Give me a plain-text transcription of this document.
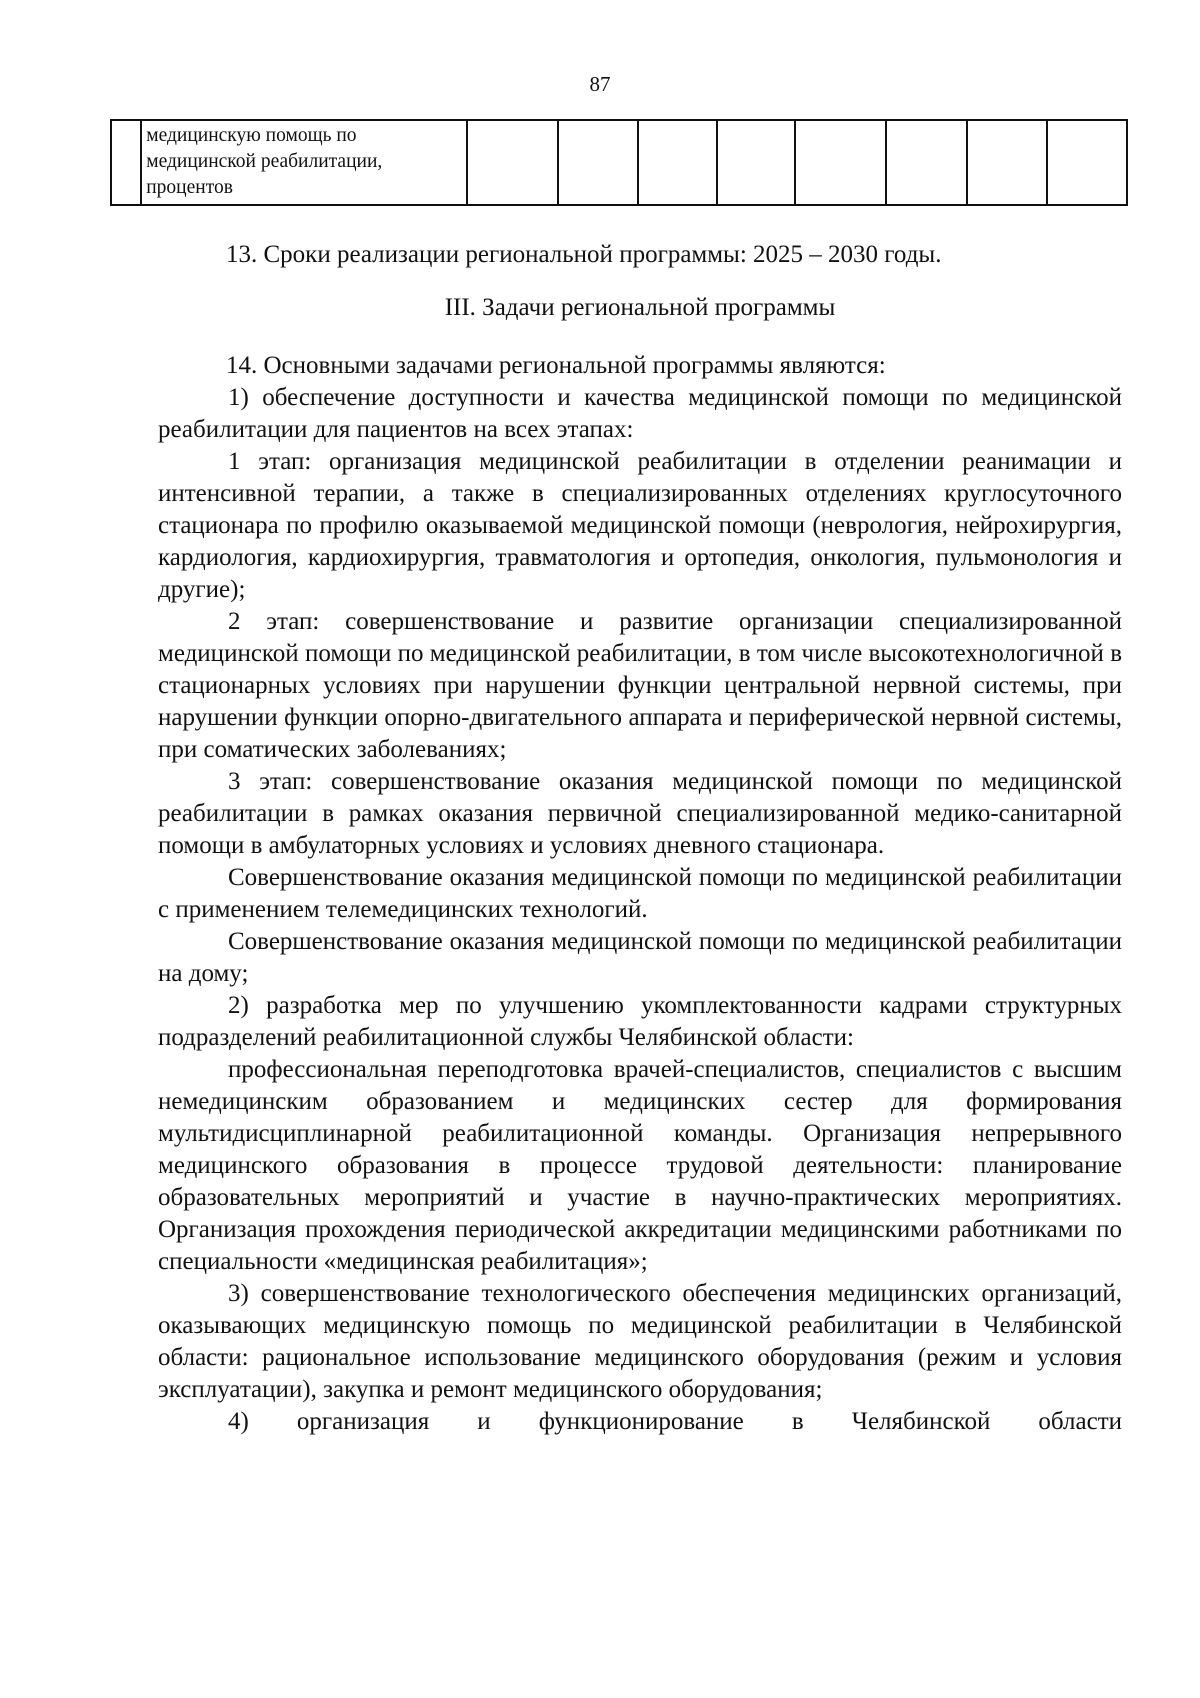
87

медицинскую помощь по
медицинской реабилитации,
процентов

13. Сроки реализации региональной программы: 2025 – 2030 годы.

III. Задачи региональной программы

14. Основными задачами региональной программы являются:

1) обеспечение доступности и качества медицинской помощи по медицинской реабилитации для пациентов на всех этапах:

1 этап: организация медицинской реабилитации в отделении реанимации и интенсивной терапии, а также в специализированных отделениях круглосуточного стационара по профилю оказываемой медицинской помощи (неврология, нейрохирургия, кардиология, кардиохирургия, травматология и ортопедия, онкология, пульмонология и другие);

2 этап: совершенствование и развитие организации специализированной медицинской помощи по медицинской реабилитации, в том числе высокотехнологичной в стационарных условиях при нарушении функции центральной нервной системы, при нарушении функции опорно-двигательного аппарата и периферической нервной системы, при соматических заболеваниях;

3 этап: совершенствование оказания медицинской помощи по медицинской реабилитации в рамках оказания первичной специализированной медико-санитарной помощи в амбулаторных условиях и условиях дневного стационара.

Совершенствование оказания медицинской помощи по медицинской реабилитации с применением телемедицинских технологий.

Совершенствование оказания медицинской помощи по медицинской реабилитации на дому;

2) разработка мер по улучшению укомплектованности кадрами структурных подразделений реабилитационной службы Челябинской области:

профессиональная переподготовка врачей-специалистов, специалистов с высшим немедицинским образованием и медицинских сестер для формирования мультидисциплинарной реабилитационной команды. Организация непрерывного медицинского образования в процессе трудовой деятельности: планирование образовательных мероприятий и участие в научно-практических мероприятиях. Организация прохождения периодической аккредитации медицинскими работниками по специальности «медицинская реабилитация»;

3) совершенствование технологического обеспечения медицинских организаций, оказывающих медицинскую помощь по медицинской реабилитации в Челябинской области: рациональное использование медицинского оборудования (режим и условия эксплуатации), закупка и ремонт медицинского оборудования;

4) организация и функционирование в Челябинской области
